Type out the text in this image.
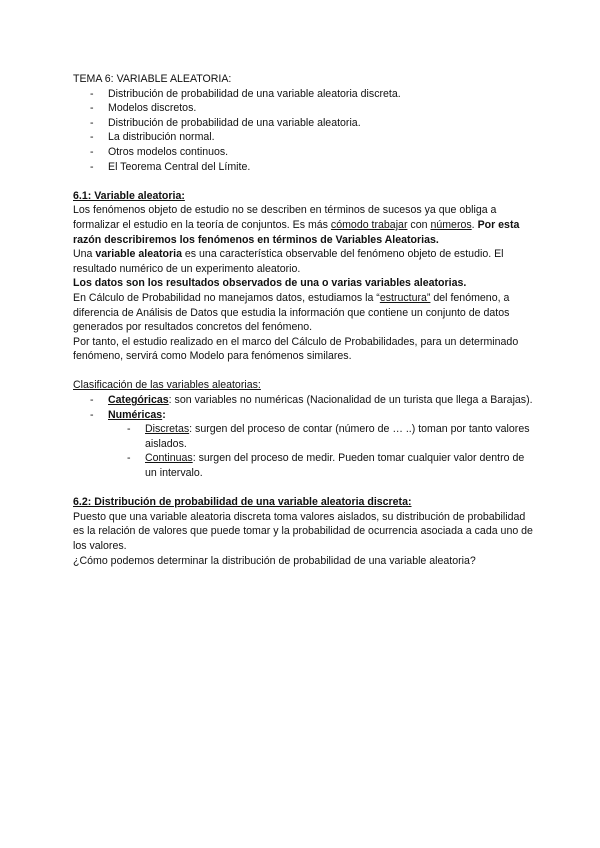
TEMA 6: VARIABLE ALEATORIA:

- Distribución de probabilidad de una variable aleatoria discreta.
- Modelos discretos.
- Distribución de probabilidad de una variable aleatoria.
- La distribución normal.
- Otros modelos continuos.
- El Teorema Central del Límite.

6.1: Variable aleatoria:

Los fenómenos objeto de estudio no se describen en términos de sucesos ya que obliga a formalizar el estudio en la teoría de conjuntos. Es más cómodo trabajar con números. Por esta razón describiremos los fenómenos en términos de Variables Aleatorias.

Una variable aleatoria es una característica observable del fenómeno objeto de estudio. El resultado numérico de un experimento aleatorio.

Los datos son los resultados observados de una o varias variables aleatorias.

En Cálculo de Probabilidad no manejamos datos, estudiamos la “estructura” del fenómeno, a diferencia de Análisis de Datos que estudia la información que contiene un conjunto de datos generados por resultados concretos del fenómeno.

Por tanto, el estudio realizado en el marco del Cálculo de Probabilidades, para un determinado fenómeno, servirá como Modelo para fenómenos similares.

Clasificación de las variables aleatorias:

- Categóricas: son variables no numéricas (Nacionalidad de un turista que llega a Barajas).
- Numéricas:
- Discretas: surgen del proceso de contar (número de … ..) toman por tanto valores aislados.
- Continuas: surgen del proceso de medir. Pueden tomar cualquier valor dentro de un intervalo.

6.2: Distribución de probabilidad de una variable aleatoria discreta:

Puesto que una variable aleatoria discreta toma valores aislados, su distribución de probabilidad es la relación de valores que puede tomar y la probabilidad de ocurrencia asociada a cada uno de los valores.

¿Cómo podemos determinar la distribución de probabilidad de una variable aleatoria?
